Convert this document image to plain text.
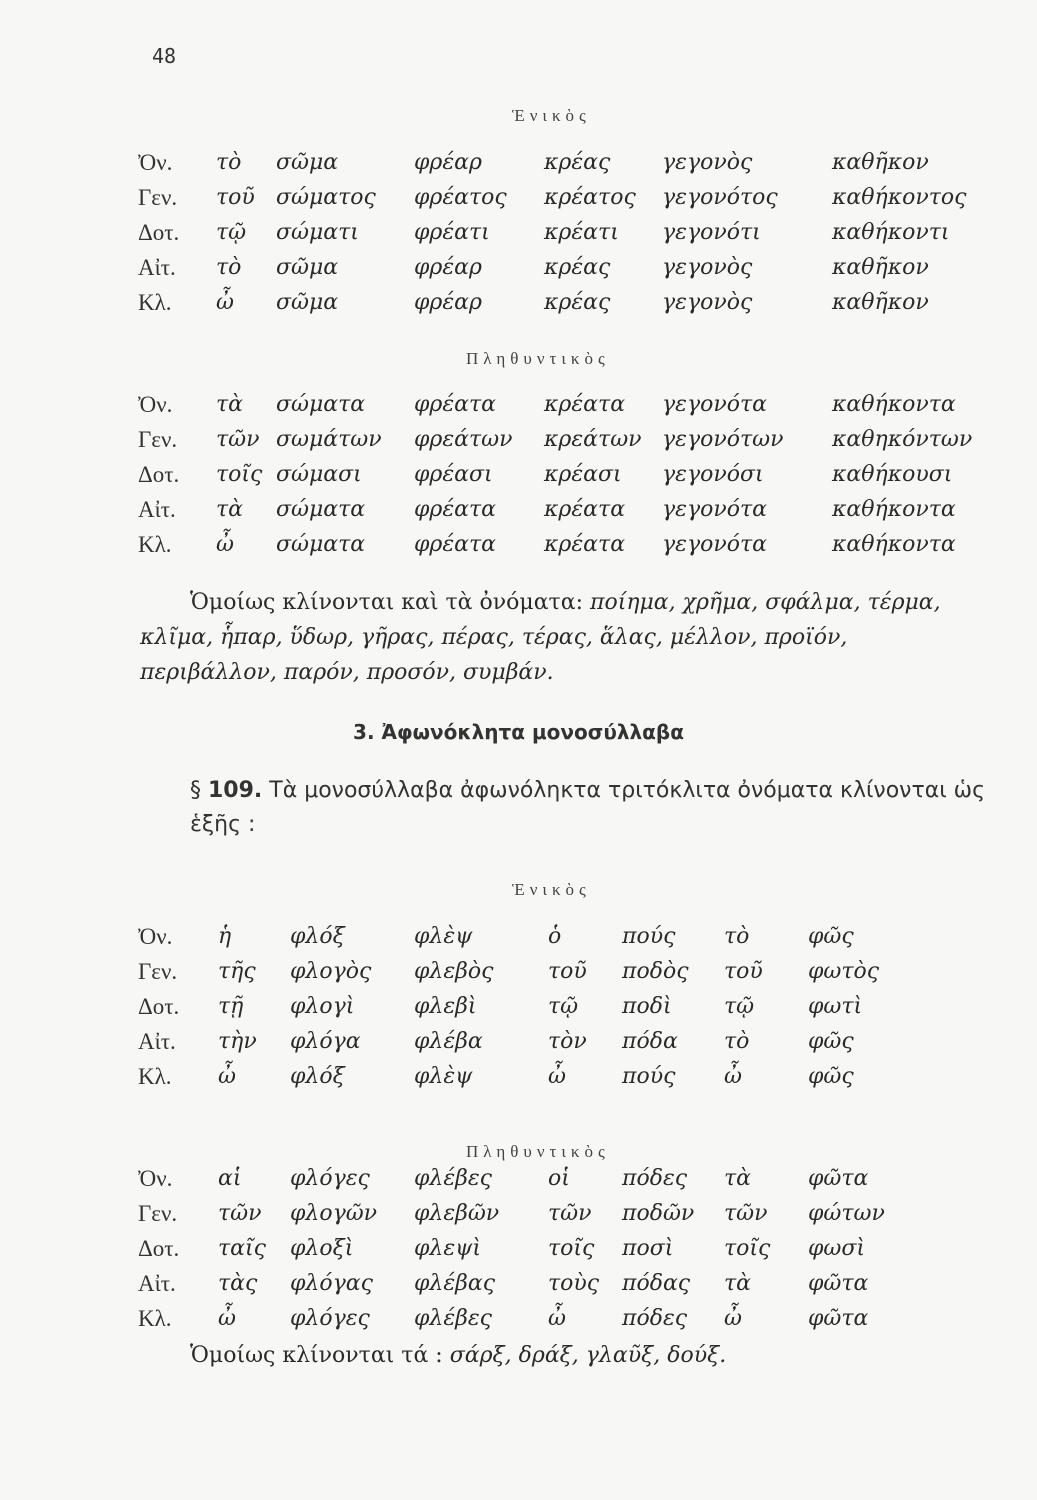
48
Ἑνικὸς
Ὀν. τὸ σῶμα	φρέαρ	κρέας γεγονὸς	καθῆκον
Γεν. τοῦ σώματος φρέατος κρέατος γεγονότος καθήκοντος
Δοτ. τῷ σώματι	φρέατι κρέατι γεγονότι	καθήκοντι
Αἰτ. τὸ σῶμα	φρέαρ	κρέας γεγονὸς	καθῆκον
Κλ. ὦ σῶμα	φρέαρ	κρέας γεγονὸς	καθῆκον
Πληθυντικὸς
Ὀν. τὰ σώματα φρέατα κρέατα γεγονότα	καθήκοντα
Γεν. τῶν σωμάτων φρεάτων κρεάτων γεγονότων καθηκόντων
Δοτ. τοῖς σώμασι φρέασι κρέασι γεγονόσι	καθήκουσι
Αἰτ. τὰ σώματα φρέατα κρέατα γεγονότα	καθήκοντα
Κλ. ὦ σώματα φρέατα κρέατα γεγονότα	καθήκοντα
Ὁμοίως κλίνονται καὶ τὰ ὀνόματα: ποίημα, χρῆμα, σφάλμα, τέρμα, κλῖμα, ἧπαρ, ὕδωρ, γῆρας, πέρας, τέρας, ἅλας, μέλλον, προϊόν, περιβάλλον, παρόν, προσόν, συμβάν.
3. Ἀφωνόκλητα μονοσύλλαβα
§ 109. Τὰ μονοσύλλαβα ἀφωνόληκτα τριτόκλιτα ὀνόματα κλίνονται ὡς ἑξῆς :
Ἑνικὸς
Ὀν. ἡ	φλόξ	φλὲψ	ὁ	πούς τὸ	φῶς
Γεν. τῆς φλογὸς φλεβὸς τοῦ ποδὸς τοῦ φωτὸς
Δοτ. τῇ φλογὶ	φλεβὶ	τῷ ποδὶ τῷ φωτὶ
Αἰτ. τὴν φλόγα φλέβα	τὸν πόδα τὸ	φῶς
Κλ. ὦ φλόξ	φλὲψ	ὦ	πούς ὦ	φῶς
Πληθυντικὸς
Ὀν. αἱ φλόγες φλέβες	οἱ πόδες τὰ	φῶτα
Γεν. τῶν φλογῶν φλεβῶν τῶν ποδῶν τῶν φώτων
Δοτ. ταῖς φλοξὶ	φλεψὶ	τοῖς ποσὶ τοῖς φωσὶ
Αἰτ. τὰς φλόγας φλέβας τοὺς πόδας τὰ	φῶτα
Κλ. ὦ φλόγες φλέβες	ὦ	πόδες ὦ	φῶτα
Ὁμοίως κλίνονται τά : σάρξ, δράξ, γλαῦξ, δούξ.
